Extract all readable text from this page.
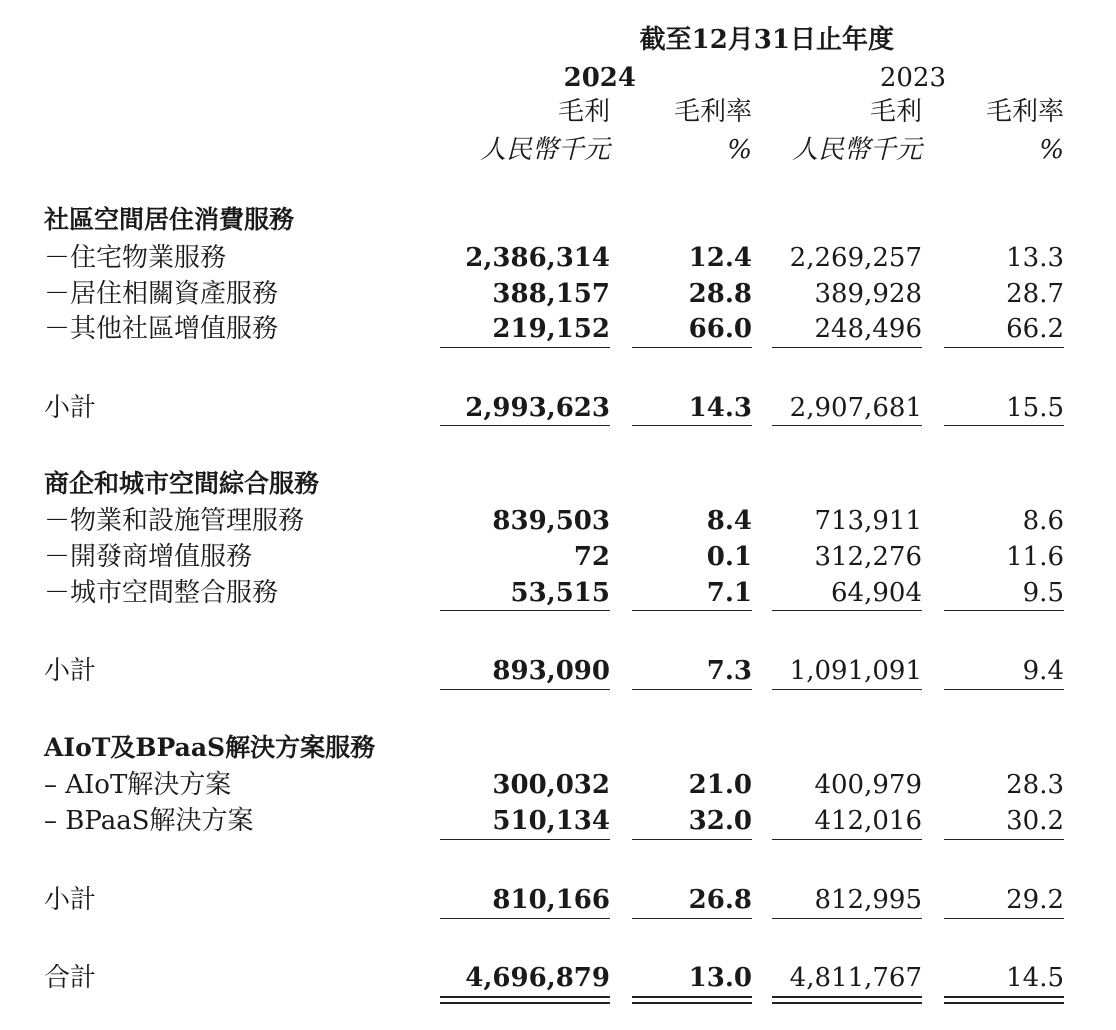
截至12月31日止年度
2024	2023
毛利	毛利率	毛利	毛利率
人民幣千元	%	人民幣千元	%
社區空間居住消費服務
－住宅物業服務	2,386,314	12.4	2,269,257	13.3
－居住相關資產服務	388,157	28.8	389,928	28.7
－其他社區增值服務	219,152	66.0	248,496	66.2
小計	2,993,623	14.3	2,907,681	15.5
商企和城市空間綜合服務
－物業和設施管理服務	839,503	8.4	713,911	8.6
－開發商增值服務	72	0.1	312,276	11.6
－城市空間整合服務	53,515	7.1	64,904	9.5
小計	893,090	7.3	1,091,091	9.4
AIoT及BPaaS解決方案服務
– AIoT解決方案	300,032	21.0	400,979	28.3
– BPaaS解決方案	510,134	32.0	412,016	30.2
小計	810,166	26.8	812,995	29.2
合計	4,696,879	13.0	4,811,767	14.5
